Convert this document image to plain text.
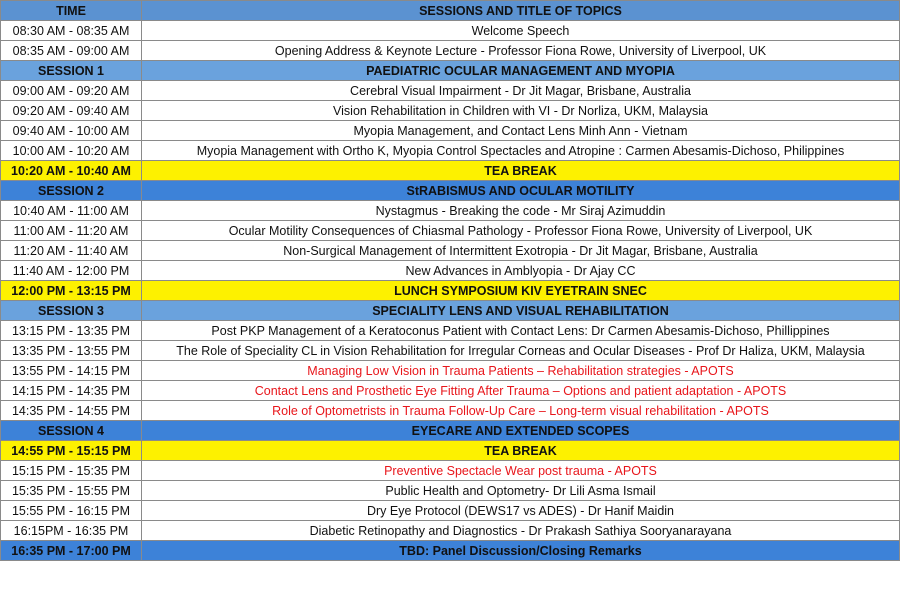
TIME	SESSIONS AND TITLE OF TOPICS
08:30 AM - 08:35 AM	Welcome Speech
08:35 AM - 09:00 AM	Opening Address & Keynote Lecture - Professor Fiona Rowe, University of Liverpool, UK
SESSION 1	PAEDIATRIC OCULAR MANAGEMENT AND MYOPIA
09:00 AM - 09:20 AM	Cerebral Visual Impairment - Dr Jit Magar, Brisbane, Australia
09:20 AM - 09:40 AM	Vision Rehabilitation in Children with VI - Dr Norliza, UKM, Malaysia
09:40 AM - 10:00 AM	Myopia Management, and Contact Lens Minh Ann - Vietnam
10:00 AM - 10:20 AM	Myopia Management with Ortho K, Myopia Control Spectacles and Atropine : Carmen Abesamis-Dichoso, Philippines
10:20 AM - 10:40 AM	TEA BREAK
SESSION 2	StRABISMUS AND OCULAR MOTILITY
10:40 AM - 11:00 AM	Nystagmus - Breaking the code - Mr Siraj Azimuddin
11:00 AM - 11:20 AM	Ocular Motility Consequences of Chiasmal Pathology - Professor Fiona Rowe, University of Liverpool, UK
11:20 AM - 11:40 AM	Non-Surgical Management of Intermittent Exotropia - Dr Jit Magar, Brisbane, Australia
11:40 AM - 12:00 PM	New Advances in Amblyopia - Dr Ajay CC
12:00 PM - 13:15 PM	LUNCH SYMPOSIUM KIV EYETRAIN SNEC
SESSION 3	SPECIALITY LENS AND VISUAL REHABILITATION
13:15 PM - 13:35 PM	Post PKP Management of a Keratoconus Patient with Contact Lens: Dr Carmen Abesamis-Dichoso, Phillippines
13:35 PM - 13:55 PM	The Role of Speciality CL in Vision Rehabilitation for Irregular Corneas and Ocular Diseases - Prof Dr Haliza, UKM, Malaysia
13:55 PM - 14:15 PM	Managing Low Vision in Trauma Patients – Rehabilitation strategies - APOTS
14:15 PM - 14:35 PM	Contact Lens and Prosthetic Eye Fitting After Trauma – Options and patient adaptation - APOTS
14:35 PM - 14:55 PM	Role of Optometrists in Trauma Follow-Up Care – Long-term visual rehabilitation - APOTS
SESSION 4	EYECARE AND EXTENDED SCOPES
14:55 PM - 15:15 PM	TEA BREAK
15:15 PM - 15:35 PM	Preventive Spectacle Wear post trauma - APOTS
15:35 PM - 15:55 PM	Public Health and Optometry- Dr Lili Asma Ismail
15:55 PM - 16:15 PM	Dry Eye Protocol (DEWS17 vs ADES) - Dr Hanif Maidin
16:15PM - 16:35 PM	Diabetic Retinopathy and Diagnostics - Dr Prakash Sathiya Sooryanarayana
16:35 PM - 17:00 PM	TBD: Panel Discussion/Closing Remarks
